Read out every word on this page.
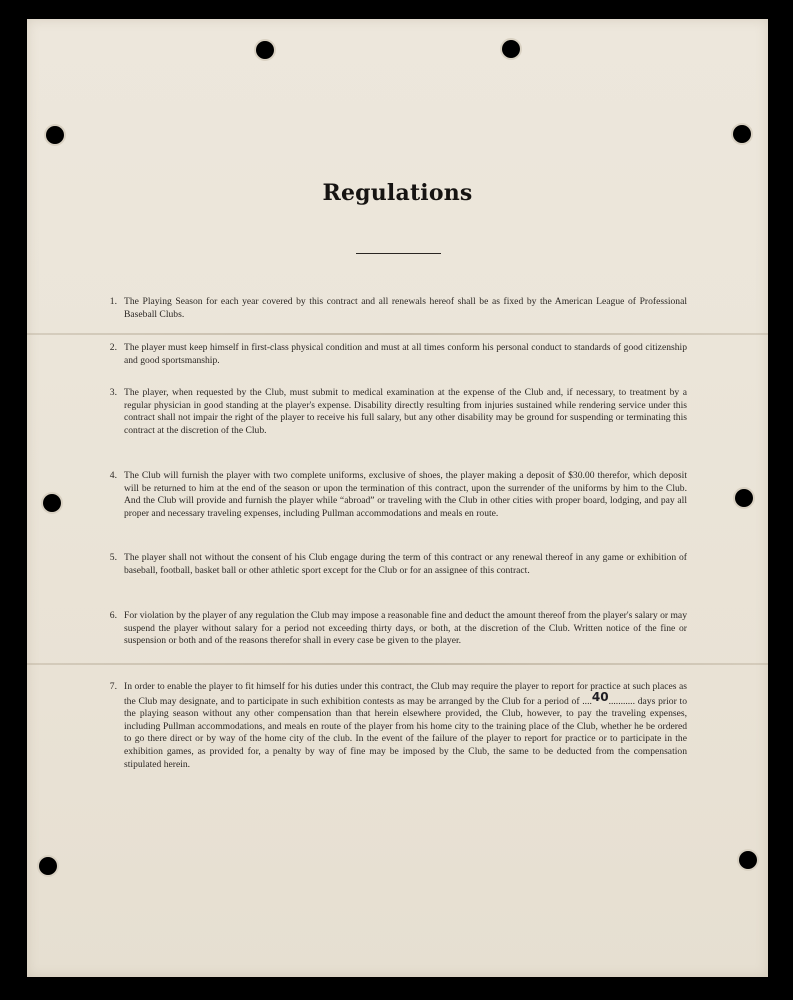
Regulations
1. The Playing Season for each year covered by this contract and all renewals hereof shall be as fixed by the American League of Professional Baseball Clubs.
2. The player must keep himself in first-class physical condition and must at all times conform his personal conduct to standards of good citizenship and good sportsmanship.
3. The player, when requested by the Club, must submit to medical examination at the expense of the Club and, if necessary, to treatment by a regular physician in good standing at the player's expense. Disability directly resulting from injuries sustained while rendering service under this contract shall not impair the right of the player to receive his full salary, but any other disability may be ground for suspending or terminating this contract at the discretion of the Club.
4. The Club will furnish the player with two complete uniforms, exclusive of shoes, the player making a deposit of $30.00 therefor, which deposit will be returned to him at the end of the season or upon the termination of this contract, upon the surrender of the uniforms by him to the Club. And the Club will provide and furnish the player while “abroad” or traveling with the Club in other cities with proper board, lodging, and pay all proper and necessary traveling expenses, including Pullman accommodations and meals en route.
5. The player shall not without the consent of his Club engage during the term of this contract or any renewal thereof in any game or exhibition of baseball, football, basket ball or other athletic sport except for the Club or for an assignee of this contract.
6. For violation by the player of any regulation the Club may impose a reasonable fine and deduct the amount thereof from the player's salary or may suspend the player without salary for a period not exceeding thirty days, or both, at the discretion of the Club. Written notice of the fine or suspension or both and of the reasons therefor shall in every case be given to the player.
7. In order to enable the player to fit himself for his duties under this contract, the Club may require the player to report for practice at such places as the Club may designate, and to participate in such exhibition contests as may be arranged by the Club for a period of ....40........... days prior to the playing season without any other compensation than that herein elsewhere provided, the Club, however, to pay the traveling expenses, including Pullman accommodations, and meals en route of the player from his home city to the training place of the Club, whether he be ordered to go there direct or by way of the home city of the club. In the event of the failure of the player to report for practice or to participate in the exhibition games, as provided for, a penalty by way of fine may be imposed by the Club, the same to be deducted from the compensation stipulated herein.
